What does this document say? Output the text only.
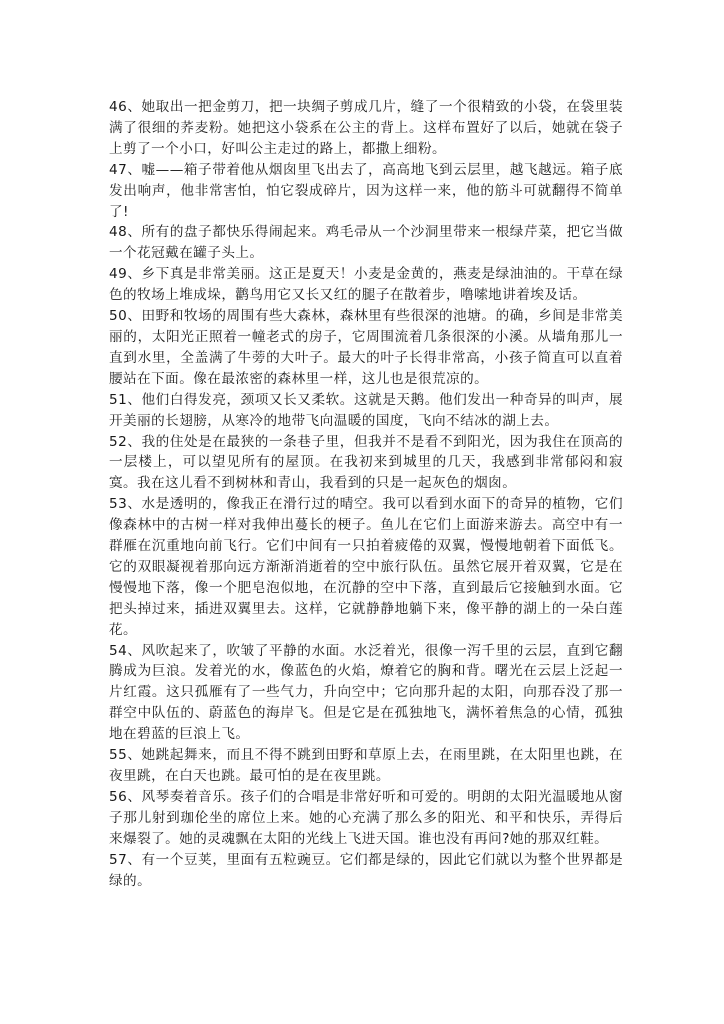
46、她取出一把金剪刀，把一块绸子剪成几片，缝了一个很精致的小袋，在袋里装满了很细的荞麦粉。她把这小袋系在公主的背上。这样布置好了以后，她就在袋子上剪了一个小口，好叫公主走过的路上，都撒上细粉。

47、嘘——箱子带着他从烟囱里飞出去了，高高地飞到云层里，越飞越远。箱子底发出响声，他非常害怕，怕它裂成碎片，因为这样一来，他的筋斗可就翻得不简单了!

48、所有的盘子都快乐得闹起来。鸡毛帚从一个沙洞里带来一根绿芹菜，把它当做一个花冠戴在罐子头上。

49、乡下真是非常美丽。这正是夏天！小麦是金黄的，燕麦是绿油油的。干草在绿色的牧场上堆成垛，鹳鸟用它又长又红的腿子在散着步，噜嗦地讲着埃及话。

50、田野和牧场的周围有些大森林，森林里有些很深的池塘。的确，乡间是非常美丽的，太阳光正照着一幢老式的房子，它周围流着几条很深的小溪。从墙角那儿一直到水里，全盖满了牛蒡的大叶子。最大的叶子长得非常高，小孩子简直可以直着腰站在下面。像在最浓密的森林里一样，这儿也是很荒凉的。

51、他们白得发亮，颈项又长又柔软。这就是天鹅。他们发出一种奇异的叫声，展开美丽的长翅膀，从寒冷的地带飞向温暖的国度，飞向不结冰的湖上去。

52、我的住处是在最狭的一条巷子里，但我并不是看不到阳光，因为我住在顶高的一层楼上，可以望见所有的屋顶。在我初来到城里的几天，我感到非常郁闷和寂寞。我在这儿看不到树林和青山，我看到的只是一起灰色的烟囱。

53、水是透明的，像我正在滑行过的晴空。我可以看到水面下的奇异的植物，它们像森林中的古树一样对我伸出蔓长的梗子。鱼儿在它们上面游来游去。高空中有一群雁在沉重地向前飞行。它们中间有一只拍着疲倦的双翼，慢慢地朝着下面低飞。它的双眼凝视着那向远方渐渐消逝着的空中旅行队伍。虽然它展开着双翼，它是在慢慢地下落，像一个肥皂泡似地，在沉静的空中下落，直到最后它接触到水面。它把头掉过来，插进双翼里去。这样，它就静静地躺下来，像平静的湖上的一朵白莲花。

54、风吹起来了，吹皱了平静的水面。水泛着光，很像一泻千里的云层，直到它翻腾成为巨浪。发着光的水，像蓝色的火焰，燎着它的胸和背。曙光在云层上泛起一片红霞。这只孤雁有了一些气力，升向空中；它向那升起的太阳，向那吞没了那一群空中队伍的、蔚蓝色的海岸飞。但是它是在孤独地飞，满怀着焦急的心情，孤独地在碧蓝的巨浪上飞。

55、她跳起舞来，而且不得不跳到田野和草原上去，在雨里跳，在太阳里也跳，在夜里跳，在白天也跳。最可怕的是在夜里跳。

56、风琴奏着音乐。孩子们的合唱是非常好听和可爱的。明朗的太阳光温暖地从窗子那儿射到珈伦坐的席位上来。她的心充满了那么多的阳光、和平和快乐，弄得后来爆裂了。她的灵魂飘在太阳的光线上飞进天国。谁也没有再问?她的那双红鞋。

57、有一个豆荚，里面有五粒豌豆。它们都是绿的，因此它们就以为整个世界都是绿的。
